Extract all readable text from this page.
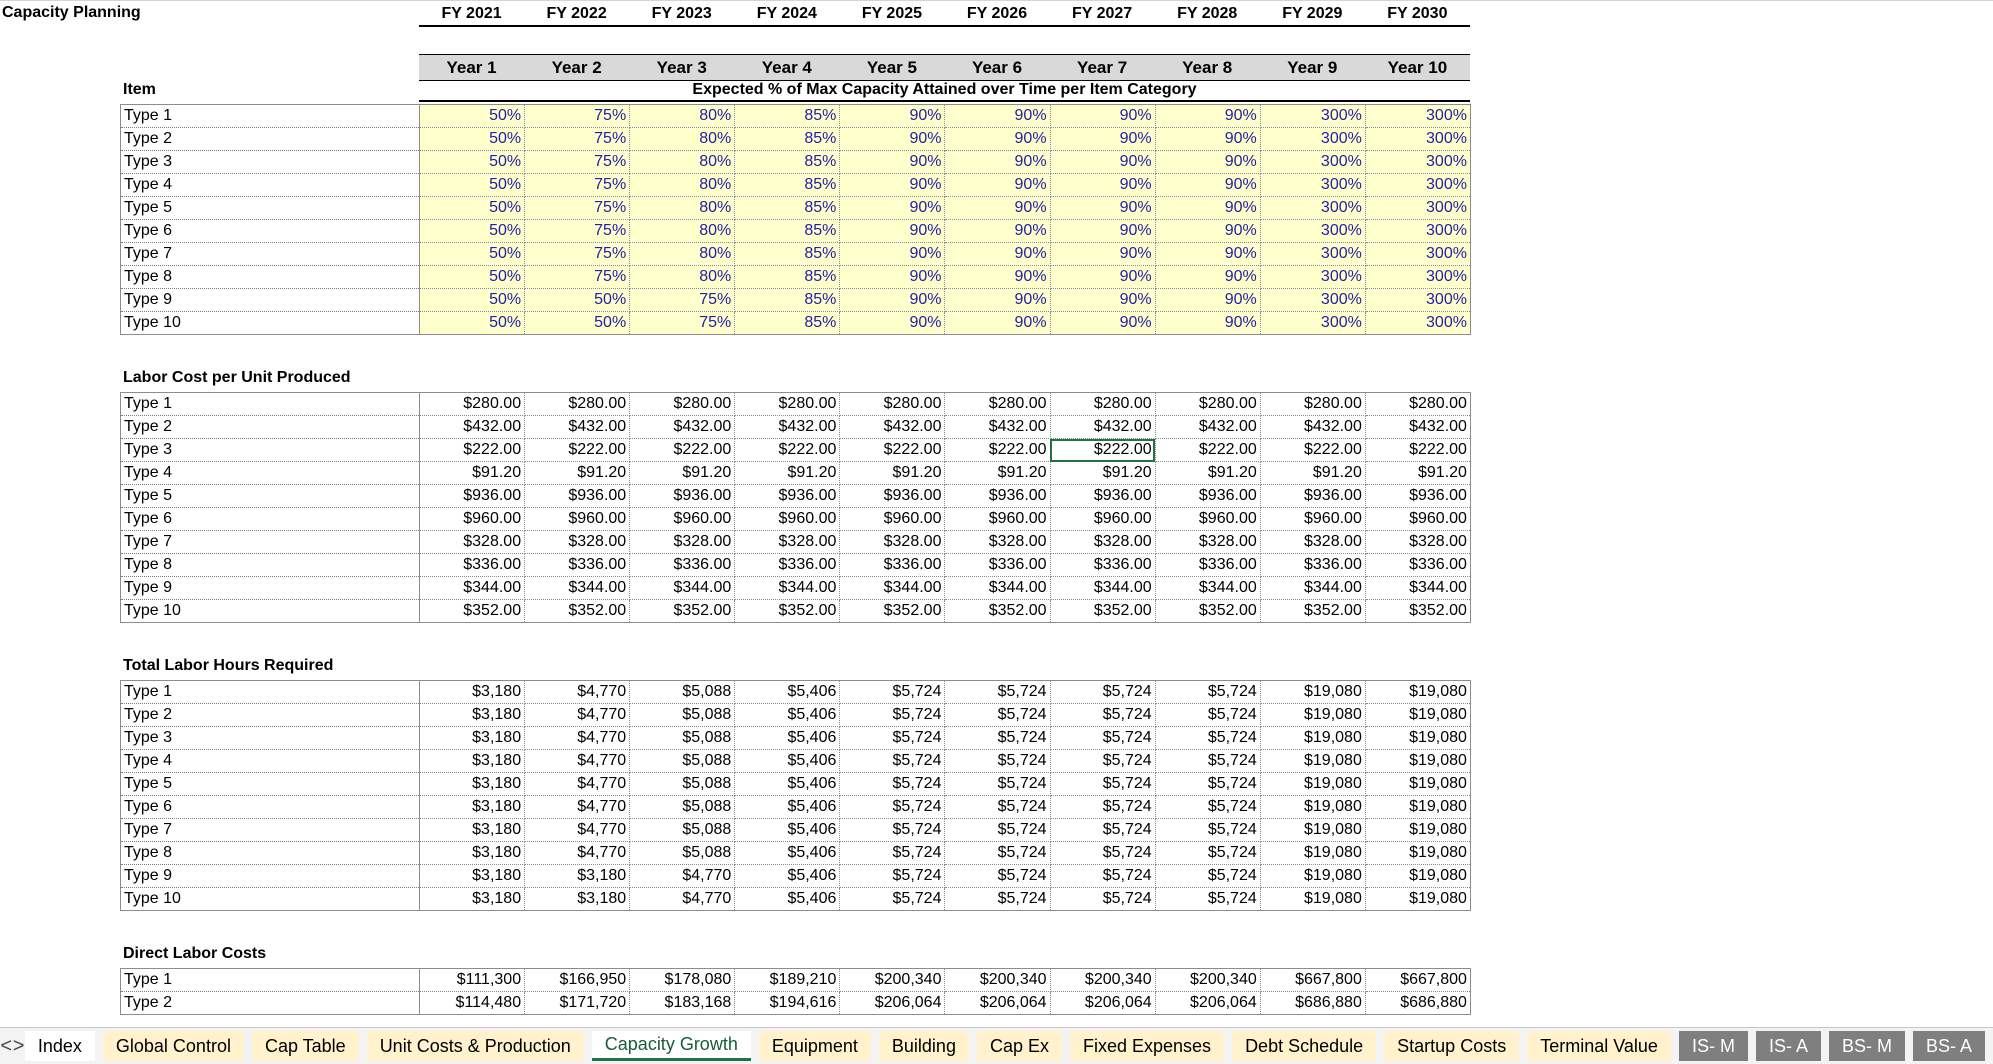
Capacity Planning	FY 2021	FY 2022	FY 2023	FY 2024	FY 2025	FY 2026	FY 2027	FY 2028	FY 2029	FY 2030
Year 1	Year 2	Year 3	Year 4	Year 5	Year 6	Year 7	Year 8	Year 9	Year 10
Item	Expected % of Max Capacity Attained over Time per Item Category
Type 1	50%	75%	80%	85%	90%	90%	90%	90%	300%	300%
Type 2	50%	75%	80%	85%	90%	90%	90%	90%	300%	300%
Type 3	50%	75%	80%	85%	90%	90%	90%	90%	300%	300%
Type 4	50%	75%	80%	85%	90%	90%	90%	90%	300%	300%
Type 5	50%	75%	80%	85%	90%	90%	90%	90%	300%	300%
Type 6	50%	75%	80%	85%	90%	90%	90%	90%	300%	300%
Type 7	50%	75%	80%	85%	90%	90%	90%	90%	300%	300%
Type 8	50%	75%	80%	85%	90%	90%	90%	90%	300%	300%
Type 9	50%	50%	75%	85%	90%	90%	90%	90%	300%	300%
Type 10	50%	50%	75%	85%	90%	90%	90%	90%	300%	300%
Labor Cost per Unit Produced
Type 1	$280.00	$280.00	$280.00	$280.00	$280.00	$280.00	$280.00	$280.00	$280.00	$280.00
Type 2	$432.00	$432.00	$432.00	$432.00	$432.00	$432.00	$432.00	$432.00	$432.00	$432.00
Type 3	$222.00	$222.00	$222.00	$222.00	$222.00	$222.00	$222.00	$222.00	$222.00	$222.00
Type 4	$91.20	$91.20	$91.20	$91.20	$91.20	$91.20	$91.20	$91.20	$91.20	$91.20
Type 5	$936.00	$936.00	$936.00	$936.00	$936.00	$936.00	$936.00	$936.00	$936.00	$936.00
Type 6	$960.00	$960.00	$960.00	$960.00	$960.00	$960.00	$960.00	$960.00	$960.00	$960.00
Type 7	$328.00	$328.00	$328.00	$328.00	$328.00	$328.00	$328.00	$328.00	$328.00	$328.00
Type 8	$336.00	$336.00	$336.00	$336.00	$336.00	$336.00	$336.00	$336.00	$336.00	$336.00
Type 9	$344.00	$344.00	$344.00	$344.00	$344.00	$344.00	$344.00	$344.00	$344.00	$344.00
Type 10	$352.00	$352.00	$352.00	$352.00	$352.00	$352.00	$352.00	$352.00	$352.00	$352.00
Total Labor Hours Required
Type 1	$3,180	$4,770	$5,088	$5,406	$5,724	$5,724	$5,724	$5,724	$19,080	$19,080
Type 2	$3,180	$4,770	$5,088	$5,406	$5,724	$5,724	$5,724	$5,724	$19,080	$19,080
Type 3	$3,180	$4,770	$5,088	$5,406	$5,724	$5,724	$5,724	$5,724	$19,080	$19,080
Type 4	$3,180	$4,770	$5,088	$5,406	$5,724	$5,724	$5,724	$5,724	$19,080	$19,080
Type 5	$3,180	$4,770	$5,088	$5,406	$5,724	$5,724	$5,724	$5,724	$19,080	$19,080
Type 6	$3,180	$4,770	$5,088	$5,406	$5,724	$5,724	$5,724	$5,724	$19,080	$19,080
Type 7	$3,180	$4,770	$5,088	$5,406	$5,724	$5,724	$5,724	$5,724	$19,080	$19,080
Type 8	$3,180	$4,770	$5,088	$5,406	$5,724	$5,724	$5,724	$5,724	$19,080	$19,080
Type 9	$3,180	$3,180	$4,770	$5,406	$5,724	$5,724	$5,724	$5,724	$19,080	$19,080
Type 10	$3,180	$3,180	$4,770	$5,406	$5,724	$5,724	$5,724	$5,724	$19,080	$19,080
Direct Labor Costs
Type 1	$111,300	$166,950	$178,080	$189,210	$200,340	$200,340	$200,340	$200,340	$667,800	$667,800
Type 2	$114,480	$171,720	$183,168	$194,616	$206,064	$206,064	$206,064	$206,064	$686,880	$686,880
< > Index	Global Control	Cap Table	Unit Costs & Production	Capacity Growth	Equipment	Building	Cap Ex	Fixed Expenses	Debt Schedule	Startup Costs	Terminal Value	IS- M	IS- A	BS- M	BS- A
